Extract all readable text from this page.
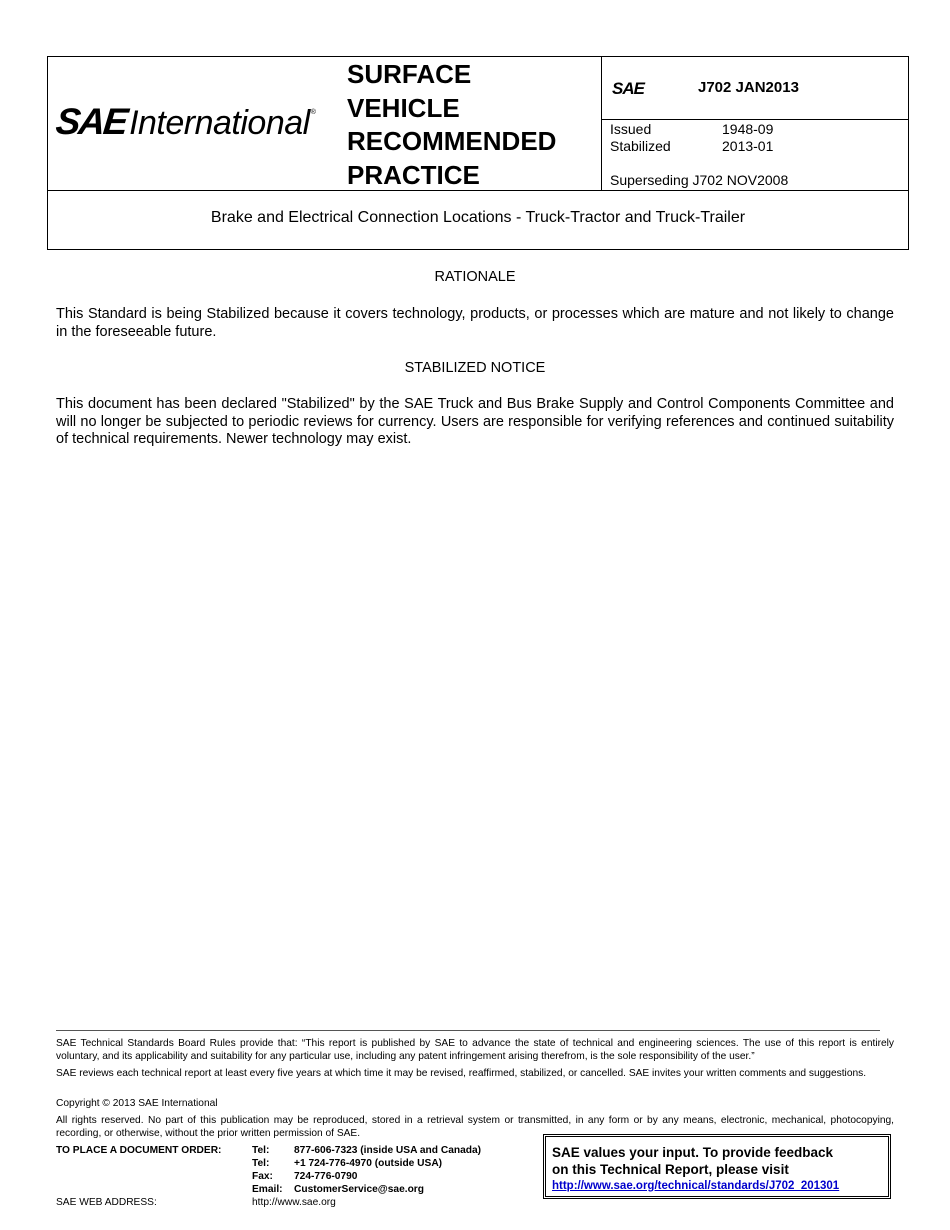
SAE International ®
SURFACE
VEHICLE
RECOMMENDED
PRACTICE
SAE	J702 JAN2013
Issued	1948-09
Stabilized	2013-01
Superseding J702 NOV2008
Brake and Electrical Connection Locations - Truck-Tractor and Truck-Trailer
RATIONALE
This Standard is being Stabilized because it covers technology, products, or processes which are mature and not likely to change in the foreseeable future.
STABILIZED NOTICE
This document has been declared "Stabilized" by the SAE Truck and Bus Brake Supply and Control Components Committee and will no longer be subjected to periodic reviews for currency. Users are responsible for verifying references and continued suitability of technical requirements. Newer technology may exist.
SAE Technical Standards Board Rules provide that: “This report is published by SAE to advance the state of technical and engineering sciences. The use of this report is entirely voluntary, and its applicability and suitability for any particular use, including any patent infringement arising therefrom, is the sole responsibility of the user.”
SAE reviews each technical report at least every five years at which time it may be revised, reaffirmed, stabilized, or cancelled. SAE invites your written comments and suggestions.
Copyright © 2013 SAE International
All rights reserved. No part of this publication may be reproduced, stored in a retrieval system or transmitted, in any form or by any means, electronic, mechanical, photocopying, recording, or otherwise, without the prior written permission of SAE.
TO PLACE A DOCUMENT ORDER:	Tel: 877-606-7323 (inside USA and Canada)
Tel: +1 724-776-4970 (outside USA)
Fax: 724-776-0790
Email: CustomerService@sae.org
SAE WEB ADDRESS:	http://www.sae.org
SAE values your input. To provide feedback
on this Technical Report, please visit
http://www.sae.org/technical/standards/J702_201301
